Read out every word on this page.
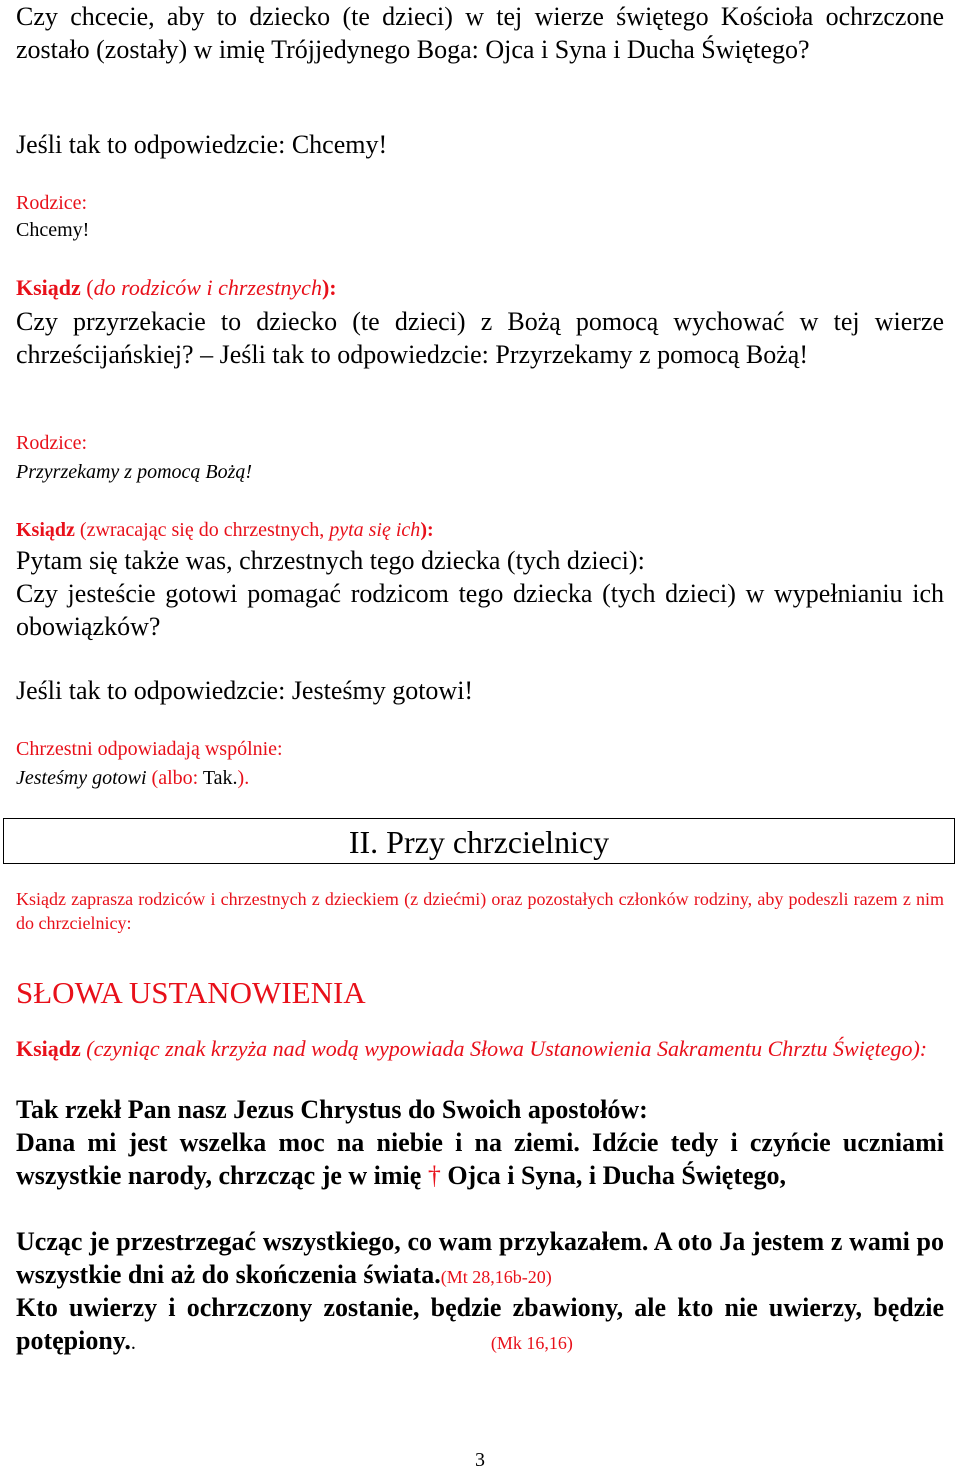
Czy chcecie, aby to dziecko (te dzieci) w tej wierze świętego Kościoła ochrzczone zostało (zostały) w imię Trójjedynego Boga: Ojca i Syna i Ducha Świętego?
Jeśli tak to odpowiedzcie: Chcemy!
Rodzice:
Chcemy!
Ksiądz (do rodziców i chrzestnych):
Czy przyrzekacie to dziecko (te dzieci) z Bożą pomocą wychować w tej wierze chrześcijańskiej? – Jeśli tak to odpowiedzcie: Przyrzekamy z pomocą Bożą!
Rodzice:
Przyrzekamy z pomocą Bożą!
Ksiądz (zwracając się do chrzestnych, pyta się ich):
Pytam się także was, chrzestnych tego dziecka (tych dzieci):
Czy jesteście gotowi pomagać rodzicom tego dziecka (tych dzieci) w wypełnianiu ich obowiązków?
Jeśli tak to odpowiedzcie: Jesteśmy gotowi!
Chrzestni odpowiadają wspólnie:
Jesteśmy gotowi (albo: Tak.).
II. Przy chrzcielnicy
Ksiądz zaprasza rodziców i chrzestnych z dzieckiem (z dziećmi) oraz pozostałych członków rodziny, aby podeszli razem z nim do chrzcielnicy:
SŁOWA USTANOWIENIA
Ksiądz (czyniąc znak krzyża nad wodą wypowiada Słowa Ustanowienia Sakramentu Chrztu Świętego):
Tak rzekł Pan nasz Jezus Chrystus do Swoich apostołów:
Dana mi jest wszelka moc na niebie i na ziemi. Idźcie tedy i czyńcie uczniami wszystkie narody, chrzcząc je w imię † Ojca i Syna, i Ducha Świętego,
Ucząc je przestrzegać wszystkiego, co wam przykazałem. A oto Ja jestem z wami po wszystkie dni aż do skończenia świata.(Mt 28,16b-20)
Kto uwierzy i ochrzczony zostanie, będzie zbawiony, ale kto nie uwierzy, będzie potępiony..	(Mk 16,16)
3
